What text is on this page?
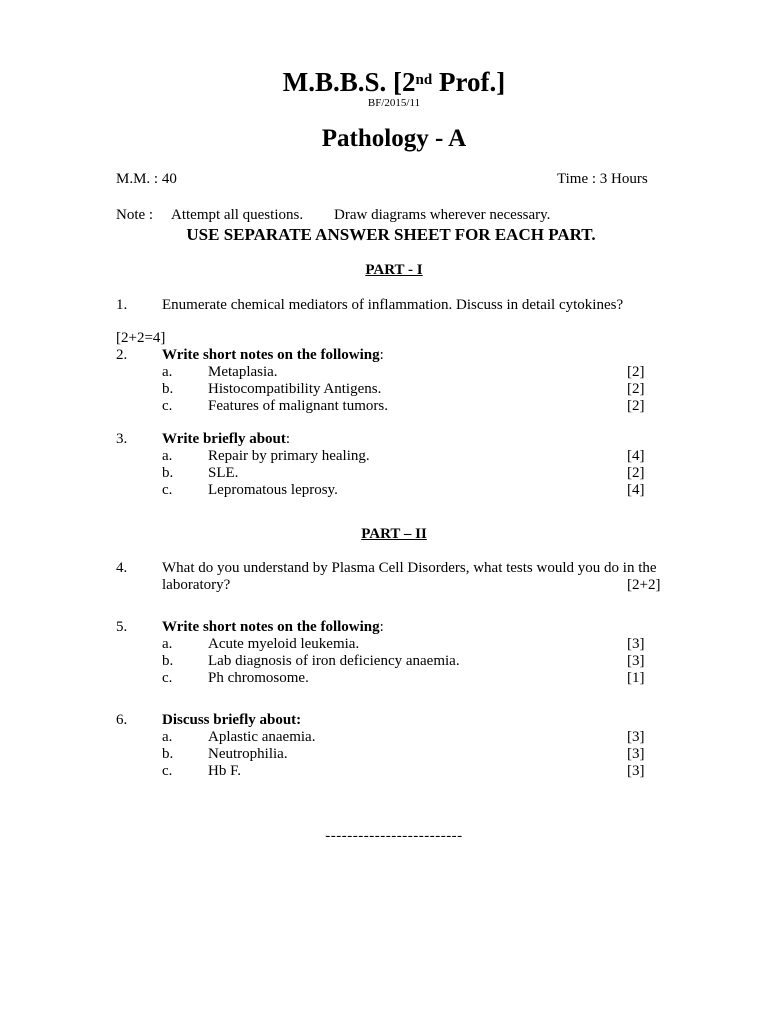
M.B.B.S. [2nd Prof.]
BF/2015/11
Pathology - A
M.M. : 40	Time : 3 Hours
Note : Attempt all questions. Draw diagrams wherever necessary.
USE SEPARATE ANSWER SHEET FOR EACH PART.
PART - I
1. Enumerate chemical mediators of inflammation. Discuss in detail cytokines?
[2+2=4]
2. Write short notes on the following:
a. Metaplasia.	[2]
b. Histocompatibility Antigens.	[2]
c. Features of malignant tumors.	[2]
3. Write briefly about:
a. Repair by primary healing.	[4]
b. SLE.	[2]
c. Lepromatous leprosy.	[4]
PART – II
4. What do you understand by Plasma Cell Disorders, what tests would you do in the
laboratory?	[2+2]
5. Write short notes on the following:
a. Acute myeloid leukemia.	[3]
b. Lab diagnosis of iron deficiency anaemia.	[3]
c. Ph chromosome.	[1]
6. Discuss briefly about:
a. Aplastic anaemia.	[3]
b. Neutrophilia.	[3]
c. Hb F.	[3]
-------------------------
